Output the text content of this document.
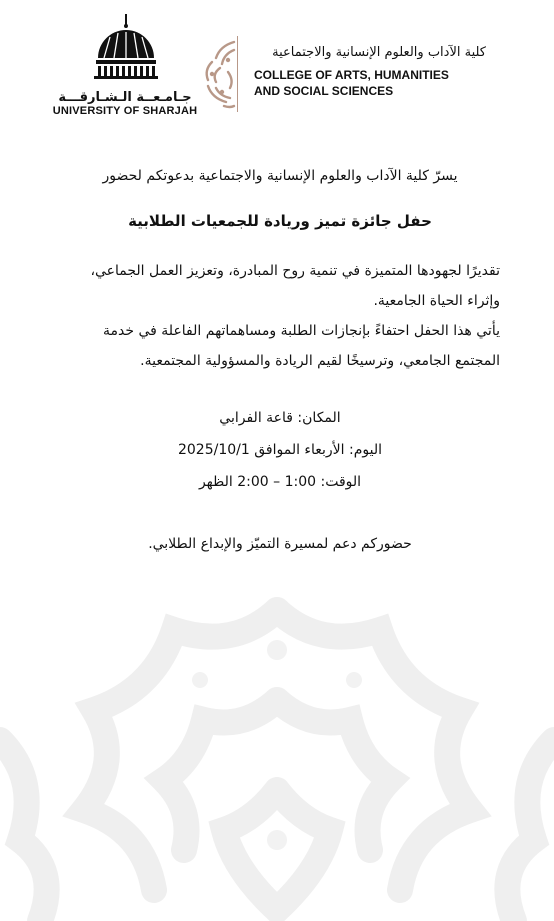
جـامـعــة الـشـارقـــة
UNIVERSITY OF SHARJAH
كلية الآداب والعلوم الإنسانية والاجتماعية
COLLEGE OF ARTS, HUMANITIES
AND SOCIAL SCIENCES

يسرّ كلية الآداب والعلوم الإنسانية والاجتماعية بدعوتكم لحضور

حفل جائزة تميز وريادة للجمعيات الطلابية

تقديرًا لجهودها المتميزة في تنمية روح المبادرة، وتعزيز العمل الجماعي، وإثراء الحياة الجامعية.

يأتي هذا الحفل احتفاءً بإنجازات الطلبة ومساهماتهم الفاعلة في خدمة المجتمع الجامعي، وترسيخًا لقيم الريادة والمسؤولية المجتمعية.

المكان: قاعة الفرابي
اليوم: الأربعاء الموافق 2025/10/1
الوقت: 1:00 – 2:00 الظهر

حضوركم دعم لمسيرة التميّز والإبداع الطلابي.
